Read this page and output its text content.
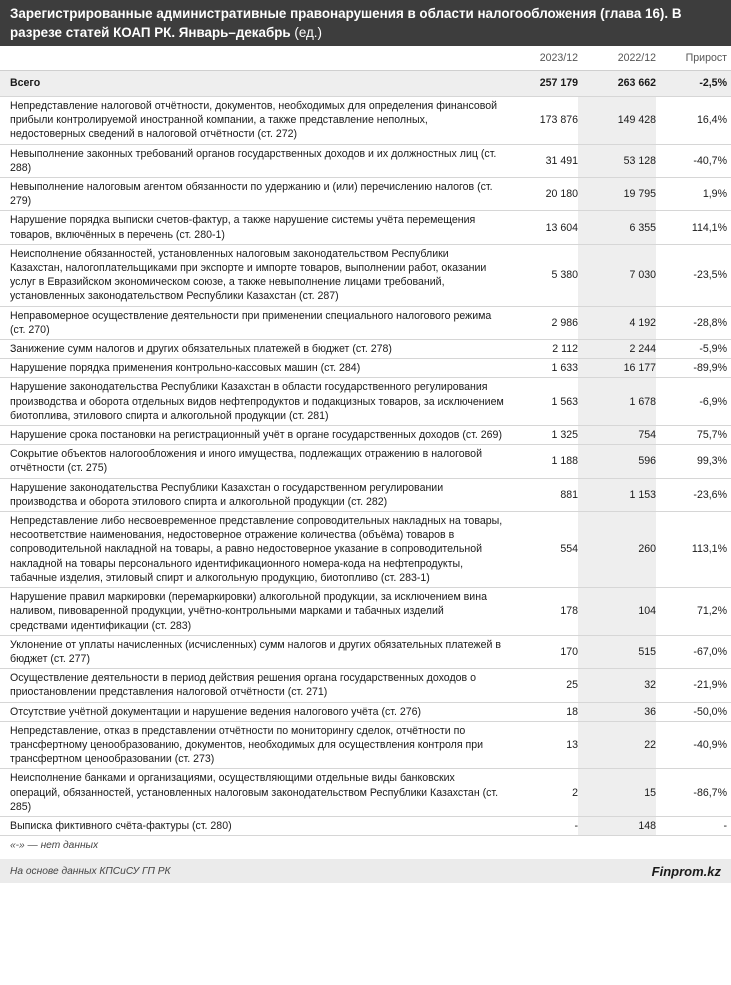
Зарегистрированные административные правонарушения в области налогообложения (глава 16). В разрезе статей КОАП РК. Январь–декабрь (ед.)
	2023/12	2022/12	Прирост
Всего	257 179	263 662	-2,5%
Непредставление налоговой отчётности, документов, необходимых для определения финансовой прибыли контролируемой иностранной компании, а также представление неполных, недостоверных сведений в налоговой отчётности (ст. 272)	173 876	149 428	16,4%
Невыполнение законных требований органов государственных доходов и их должностных лиц (ст. 288)	31 491	53 128	-40,7%
Невыполнение налоговым агентом обязанности по удержанию и (или) перечислению налогов (ст. 279)	20 180	19 795	1,9%
Нарушение порядка выписки счетов-фактур, а также нарушение системы учёта перемещения товаров, включённых в перечень (ст. 280-1)	13 604	6 355	114,1%
Неисполнение обязанностей, установленных налоговым законодательством Республики Казахстан, налогоплательщиками при экспорте и импорте товаров, выполнении работ, оказании услуг в Евразийском экономическом союзе, а также невыполнение лицами требований, установленных законодательством Республики Казахстан (ст. 287)	5 380	7 030	-23,5%
Неправомерное осуществление деятельности при применении специального налогового режима (ст. 270)	2 986	4 192	-28,8%
Занижение сумм налогов и других обязательных платежей в бюджет (ст. 278)	2 112	2 244	-5,9%
Нарушение порядка применения контрольно-кассовых машин (ст. 284)	1 633	16 177	-89,9%
Нарушение законодательства Республики Казахстан в области государственного регулирования производства и оборота отдельных видов нефтепродуктов и подакцизных товаров, за исключением биотоплива, этилового спирта и алкогольной продукции (ст. 281)	1 563	1 678	-6,9%
Нарушение срока постановки на регистрационный учёт в органе государственных доходов (ст. 269)	1 325	754	75,7%
Сокрытие объектов налогообложения и иного имущества, подлежащих отражению в налоговой отчётности (ст. 275)	1 188	596	99,3%
Нарушение законодательства Республики Казахстан о государственном регулировании производства и оборота этилового спирта и алкогольной продукции (ст. 282)	881	1 153	-23,6%
Непредставление либо несвоевременное представление сопроводительных накладных на товары, несоответствие наименования, недостоверное отражение количества (объёма) товаров в сопроводительной накладной на товары, а равно недостоверное указание в сопроводительной накладной на товары персонального идентификационного номера-кода на нефтепродукты, табачные изделия, этиловый спирт и алкогольную продукцию, биотопливо (ст. 283-1)	554	260	113,1%
Нарушение правил маркировки (перемаркировки) алкогольной продукции, за исключением вина наливом, пивоваренной продукции, учётно-контрольными марками и табачных изделий средствами идентификации (ст. 283)	178	104	71,2%
Уклонение от уплаты начисленных (исчисленных) сумм налогов и других обязательных платежей в бюджет (ст. 277)	170	515	-67,0%
Осуществление деятельности в период действия решения органа государственных доходов о приостановлении представления налоговой отчётности (ст. 271)	25	32	-21,9%
Отсутствие учётной документации и нарушение ведения налогового учёта (ст. 276)	18	36	-50,0%
Непредставление, отказ в представлении отчётности по мониторингу сделок, отчётности по трансфертному ценообразованию, документов, необходимых для осуществления контроля при трансфертном ценообразовании (ст. 273)	13	22	-40,9%
Неисполнение банками и организациями, осуществляющими отдельные виды банковских операций, обязанностей, установленных налоговым законодательством Республики Казахстан (ст. 285)	2	15	-86,7%
Выписка фиктивного счёта-фактуры (ст. 280)	-	148	-
«-» — нет данных
На основе данных КПСиСУ ГП РК	Finprom.kz
